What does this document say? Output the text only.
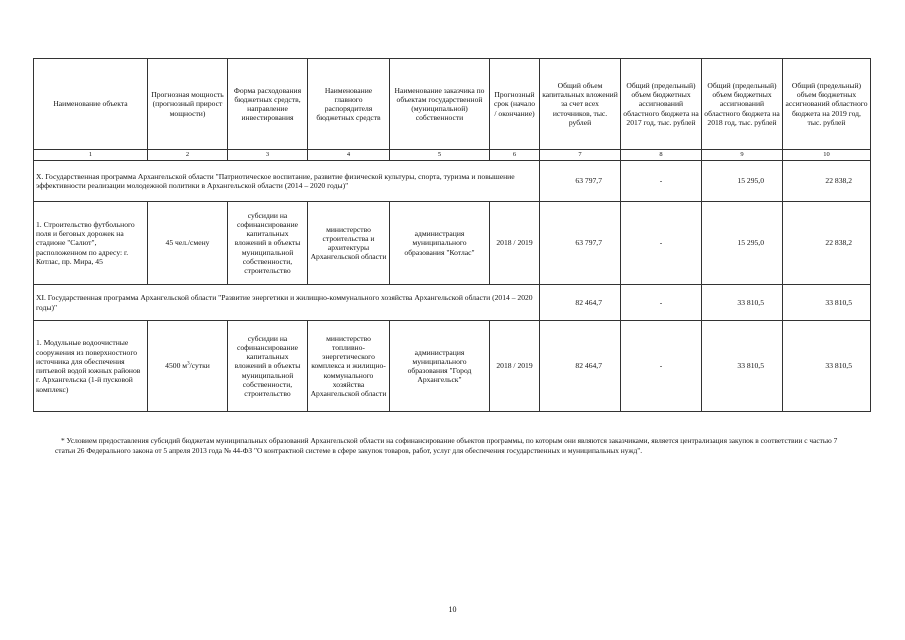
Наименование объекта	Прогнозная мощность (прогнозный прирост мощности)	Форма расходования бюджетных средств, направление инвестирования	Наименование главного распорядителя бюджетных средств	Наименование заказчика по объектам государственной (муниципальной) собственности	Прогнозный срок (начало / окончание)	Общий объем капитальных вложений за счет всех источников, тыс. рублей	Общий (предельный) объем бюджетных ассигнований областного бюджета на 2017 год, тыс. рублей	Общий (предельный) объем бюджетных ассигнований областного бюджета на 2018 год, тыс. рублей	Общий (предельный) объем бюджетных ассигнований областного бюджета на 2019 год, тыс. рублей
1	2	3	4	5	6	7	8	9	10
X. Государственная программа Архангельской области "Патриотическое воспитание, развитие физической культуры, спорта, туризма и повышение эффективности реализации молодежной политики в Архангельской области (2014 – 2020 годы)"						63 797,7	-	15 295,0	22 838,2
1. Строительство футбольного поля и беговых дорожек на стадионе "Салют", расположенном по адресу: г. Котлас, пр. Мира, 45	45 чел./смену	субсидии на софинансирование капитальных вложений в объекты муниципальной собственности, строительство	министерство строительства и архитектуры Архангельской области	администрация муниципального образования "Котлас"	2018 / 2019	63 797,7	-	15 295,0	22 838,2
XI. Государственная программа Архангельской области "Развитие энергетики и жилищно-коммунального хозяйства Архангельской области (2014 – 2020 годы)"						82 464,7	-	33 810,5	33 810,5
1. Модульные водоочистные сооружения из поверхностного источника для обеспечения питьевой водой южных районов г. Архангельска (1-й пусковой комплекс)	4500 $м^3$/сутки	субсидии на софинансирование капитальных вложений в объекты муниципальной собственности, строительство	министерство топливно-энергетического комплекса и жилищно-коммунального хозяйства Архангельской области	администрация муниципального образования "Город Архангельск"	2018 / 2019	82 464,7	-	33 810,5	33 810,5
* Условием предоставления субсидий бюджетам муниципальных образований Архангельской области на софинансирование объектов программы, по которым они являются заказчиками, является централизация закупок в соответствии с частью 7 статьи 26 Федерального закона от 5 апреля 2013 года № 44-ФЗ "О контрактной системе в сфере закупок товаров, работ, услуг для обеспечения государственных и муниципальных нужд".
10
